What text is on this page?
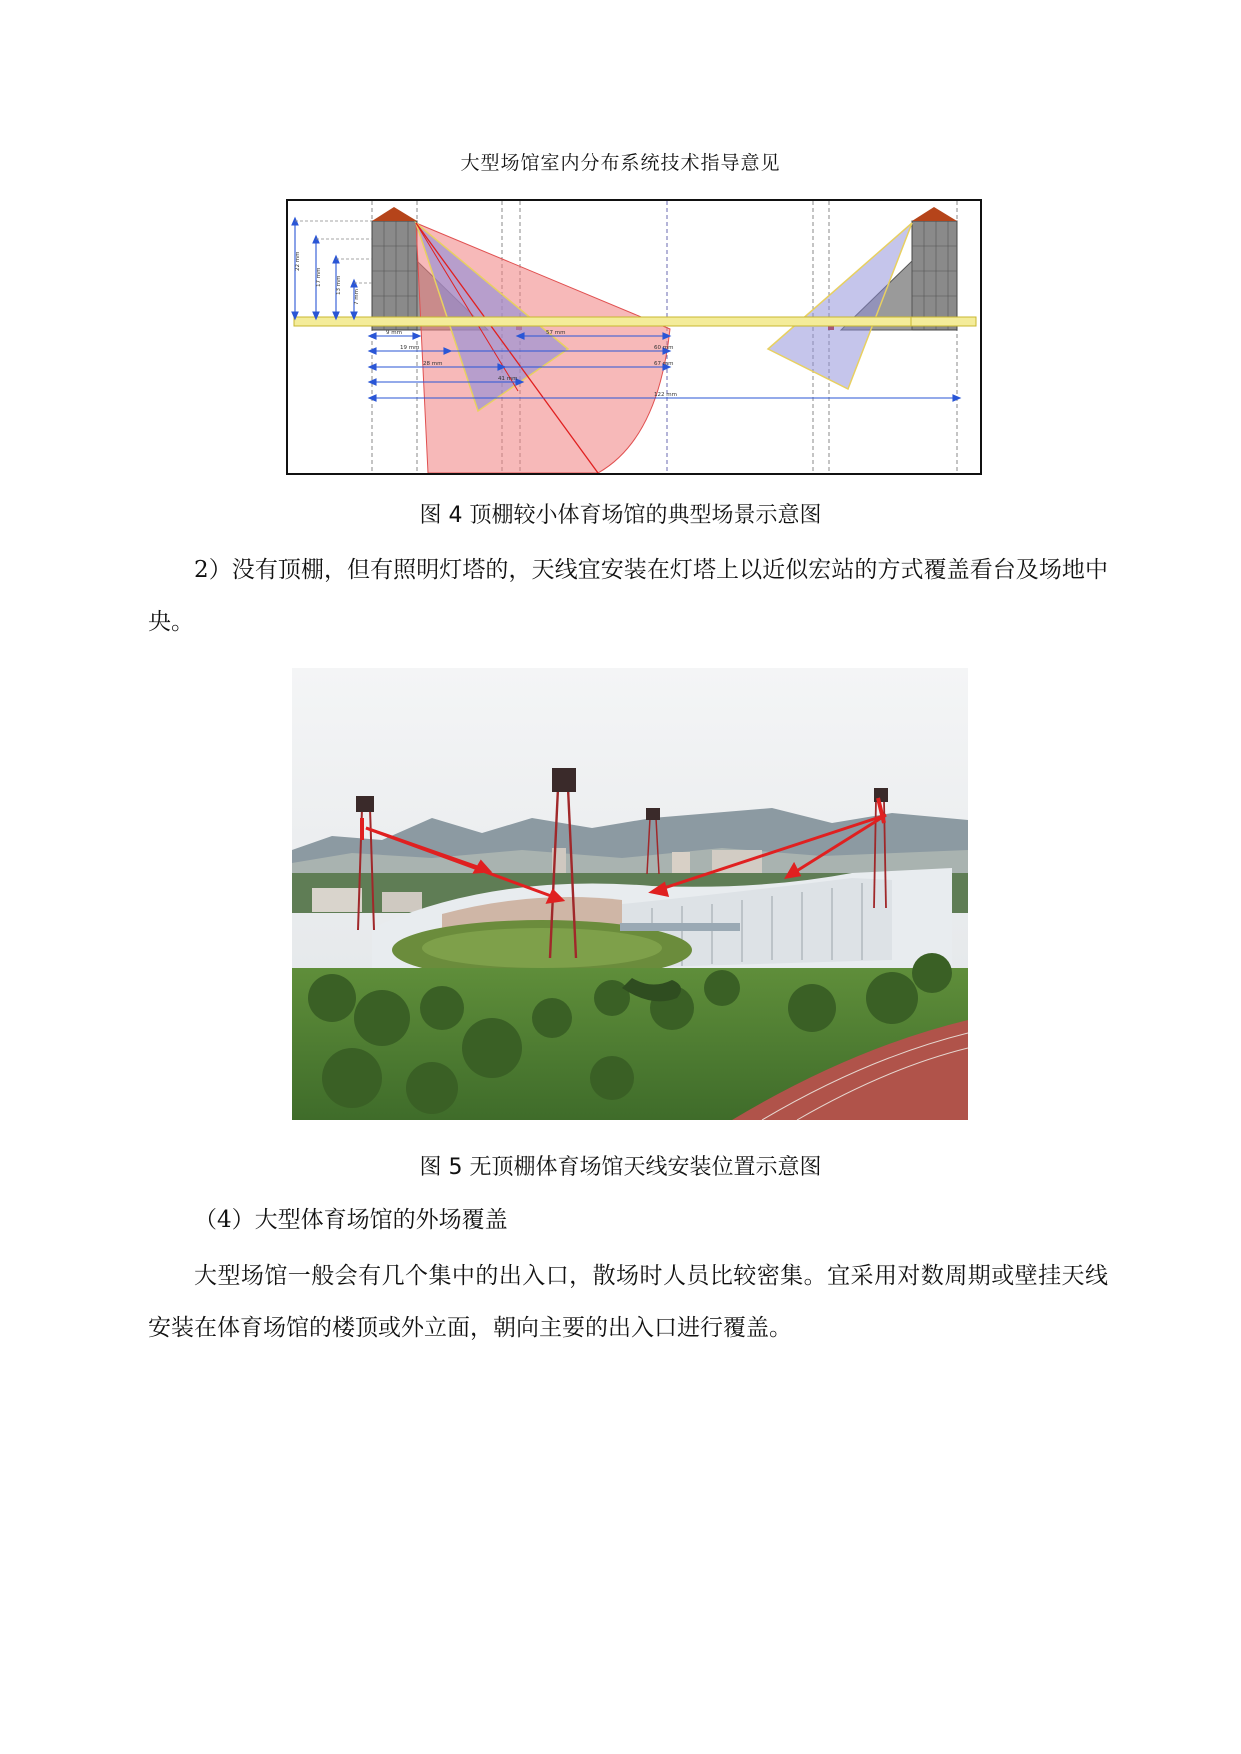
大型场馆室内分布系统技术指导意见
22 mm
17 mm	13 mm
7 mm
9 mm
19 mm
28 mm
57 mm
60 mm
67 mm
41 mm
122 mm
图 4 顶棚较小体育场馆的典型场景示意图
2）没有顶棚，但有照明灯塔的，天线宜安装在灯塔上以近似宏站的方式覆盖看台及场地中央。
图 5 无顶棚体育场馆天线安装位置示意图
（4）大型体育场馆的外场覆盖
大型场馆一般会有几个集中的出入口，散场时人员比较密集。宜采用对数周期或壁挂天线安装在体育场馆的楼顶或外立面，朝向主要的出入口进行覆盖。
